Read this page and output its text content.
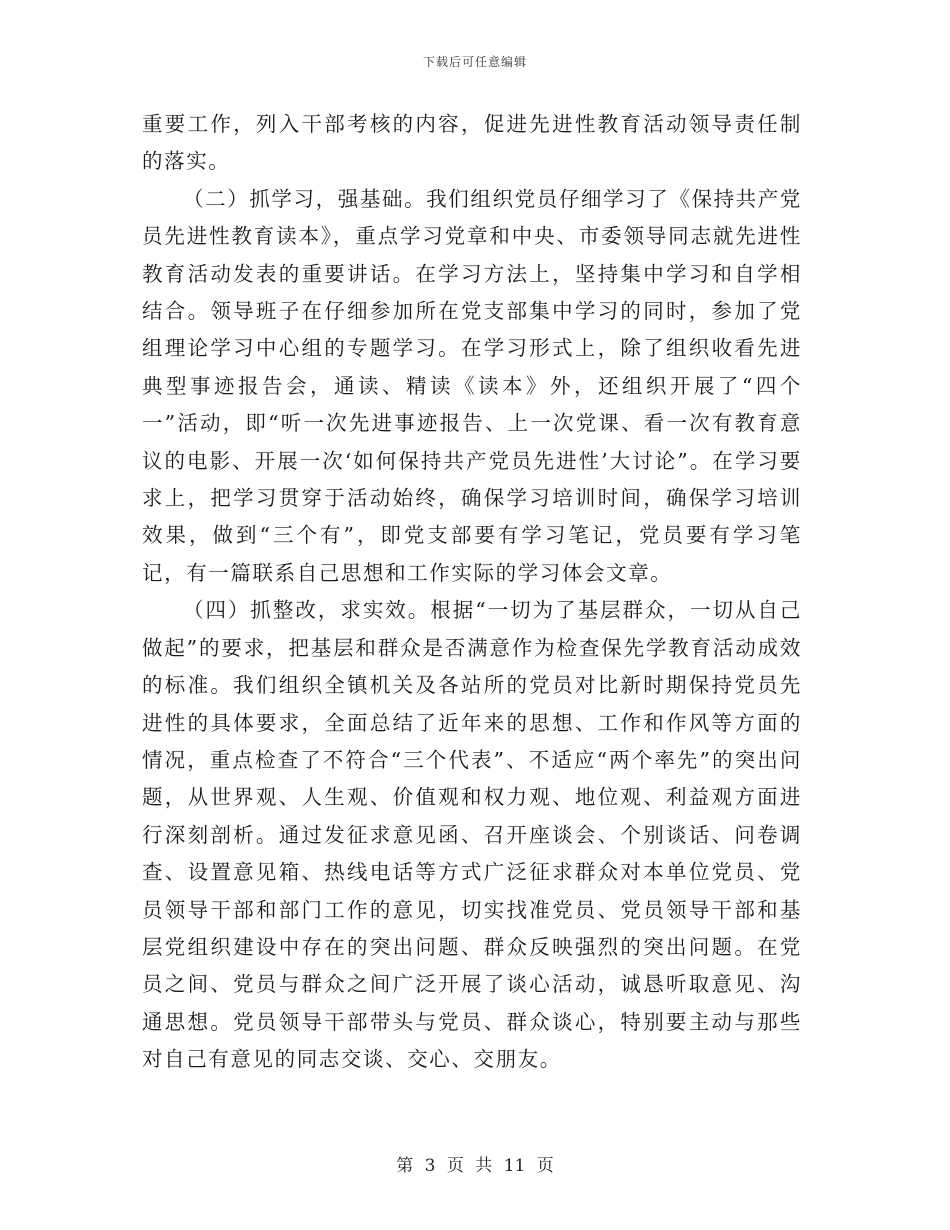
下载后可任意编辑

重要工作，列入干部考核的内容，促进先进性教育活动领导责任制的落实。

（二）抓学习，强基础。我们组织党员仔细学习了《保持共产党员先进性教育读本》，重点学习党章和中央、市委领导同志就先进性教育活动发表的重要讲话。在学习方法上，坚持集中学习和自学相结合。领导班子在仔细参加所在党支部集中学习的同时，参加了党组理论学习中心组的专题学习。在学习形式上，除了组织收看先进典型事迹报告会，通读、精读《读本》外，还组织开展了“四个一”活动，即“听一次先进事迹报告、上一次党课、看一次有教育意议的电影、开展一次‘如何保持共产党员先进性’大讨论”。在学习要求上，把学习贯穿于活动始终，确保学习培训时间，确保学习培训效果，做到“三个有”，即党支部要有学习笔记，党员要有学习笔记，有一篇联系自己思想和工作实际的学习体会文章。

（四）抓整改，求实效。根据“一切为了基层群众，一切从自己做起”的要求，把基层和群众是否满意作为检查保先学教育活动成效的标准。我们组织全镇机关及各站所的党员对比新时期保持党员先进性的具体要求，全面总结了近年来的思想、工作和作风等方面的情况，重点检查了不符合“三个代表”、不适应“两个率先”的突出问题，从世界观、人生观、价值观和权力观、地位观、利益观方面进行深刻剖析。通过发征求意见函、召开座谈会、个别谈话、问卷调查、设置意见箱、热线电话等方式广泛征求群众对本单位党员、党员领导干部和部门工作的意见，切实找准党员、党员领导干部和基层党组织建设中存在的突出问题、群众反映强烈的突出问题。在党员之间、党员与群众之间广泛开展了谈心活动，诚恳听取意见、沟通思想。党员领导干部带头与党员、群众谈心，特别要主动与那些对自己有意见的同志交谈、交心、交朋友。

第 3 页 共 11 页
